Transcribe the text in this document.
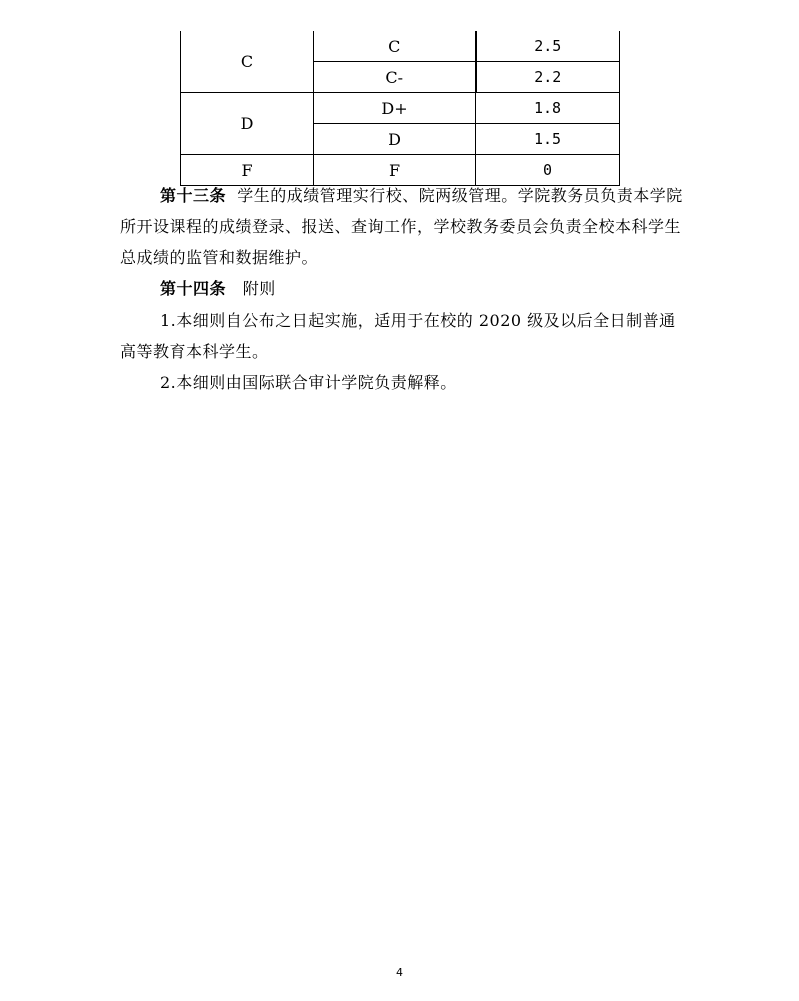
C	C	2.5
	C-	2.2
D	D+	1.8
	D	1.5
F	F	0

第十三条 学生的成绩管理实行校、院两级管理。学院教务员负责本学院所开设课程的成绩登录、报送、查询工作，学校教务委员会负责全校本科学生总成绩的监管和数据维护。

第十四条 附则

1.本细则自公布之日起实施，适用于在校的 2020 级及以后全日制普通高等教育本科学生。

2.本细则由国际联合审计学院负责解释。

4
